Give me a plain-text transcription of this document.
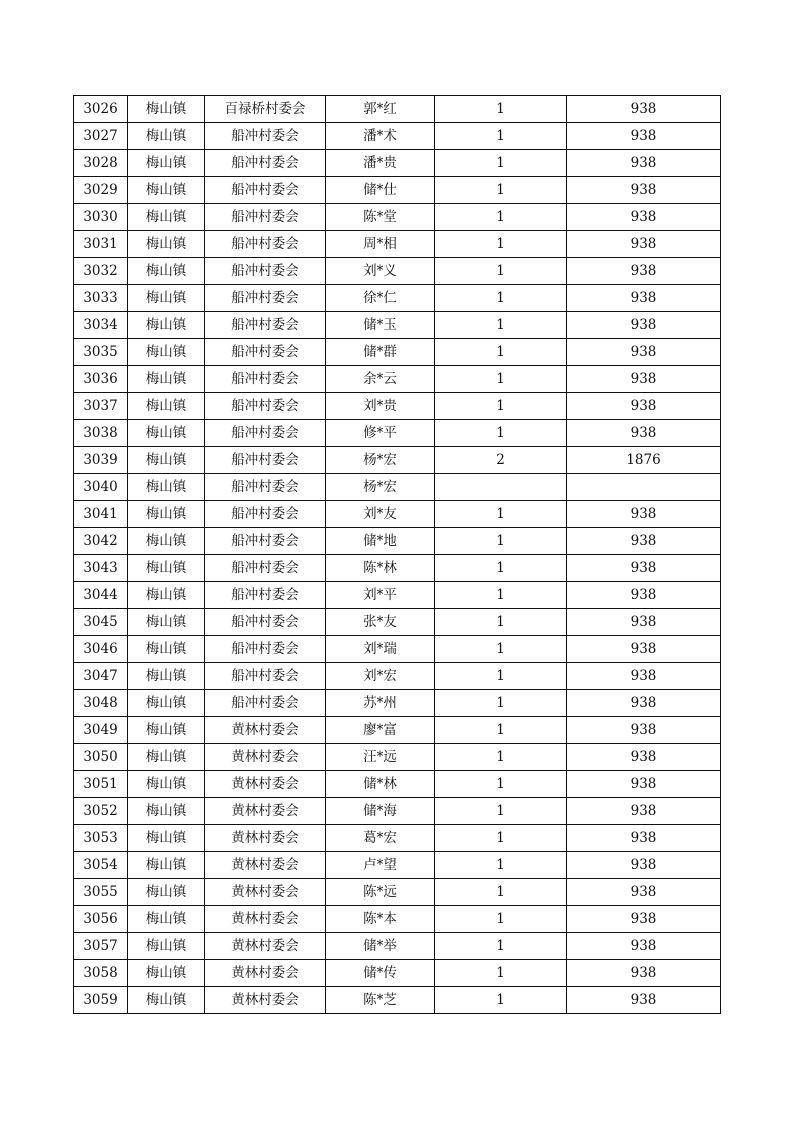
3026	梅山镇	百禄桥村委会	郭*红	1	938
3027	梅山镇	船冲村委会	潘*术	1	938
3028	梅山镇	船冲村委会	潘*贵	1	938
3029	梅山镇	船冲村委会	储*仕	1	938
3030	梅山镇	船冲村委会	陈*堂	1	938
3031	梅山镇	船冲村委会	周*相	1	938
3032	梅山镇	船冲村委会	刘*义	1	938
3033	梅山镇	船冲村委会	徐*仁	1	938
3034	梅山镇	船冲村委会	储*玉	1	938
3035	梅山镇	船冲村委会	储*群	1	938
3036	梅山镇	船冲村委会	余*云	1	938
3037	梅山镇	船冲村委会	刘*贵	1	938
3038	梅山镇	船冲村委会	修*平	1	938
3039	梅山镇	船冲村委会	杨*宏	2	1876
3040	梅山镇	船冲村委会	杨*宏		
3041	梅山镇	船冲村委会	刘*友	1	938
3042	梅山镇	船冲村委会	储*地	1	938
3043	梅山镇	船冲村委会	陈*林	1	938
3044	梅山镇	船冲村委会	刘*平	1	938
3045	梅山镇	船冲村委会	张*友	1	938
3046	梅山镇	船冲村委会	刘*瑞	1	938
3047	梅山镇	船冲村委会	刘*宏	1	938
3048	梅山镇	船冲村委会	苏*州	1	938
3049	梅山镇	黄林村委会	廖*富	1	938
3050	梅山镇	黄林村委会	汪*远	1	938
3051	梅山镇	黄林村委会	储*林	1	938
3052	梅山镇	黄林村委会	储*海	1	938
3053	梅山镇	黄林村委会	葛*宏	1	938
3054	梅山镇	黄林村委会	卢*望	1	938
3055	梅山镇	黄林村委会	陈*远	1	938
3056	梅山镇	黄林村委会	陈*本	1	938
3057	梅山镇	黄林村委会	储*举	1	938
3058	梅山镇	黄林村委会	储*传	1	938
3059	梅山镇	黄林村委会	陈*芝	1	938
